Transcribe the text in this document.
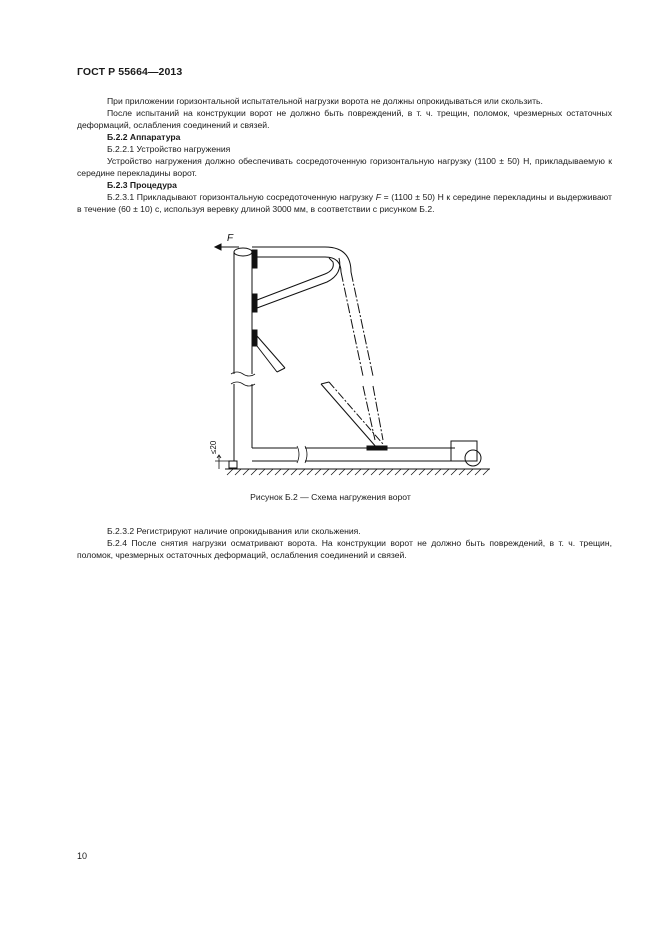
ГОСТ Р 55664—2013

При приложении горизонтальной испытательной нагрузки ворота не должны опрокидываться или скользить.

После испытаний на конструкции ворот не должно быть повреждений, в т. ч. трещин, поломок, чрезмерных остаточных деформаций, ослабления соединений и связей.

Б.2.2 Аппаратура

Б.2.2.1 Устройство нагружения

Устройство нагружения должно обеспечивать сосредоточенную горизонтальную нагрузку (1100 ± 50) Н, прикладываемую к середине перекладины ворот.

Б.2.3 Процедура

Б.2.3.1 Прикладывают горизонтальную сосредоточенную нагрузку F = (1100 ± 50) Н к середине перекладины и выдерживают в течение (60 ± 10) с, используя веревку длиной 3000 мм, в соответствии с рисунком Б.2.

F
≤20
Рисунок Б.2 — Схема нагружения ворот

Б.2.3.2 Регистрируют наличие опрокидывания или скольжения.

Б.2.4 После снятия нагрузки осматривают ворота. На конструкции ворот не должно быть повреждений, в т. ч. трещин, поломок, чрезмерных остаточных деформаций, ослабления соединений и связей.

10
